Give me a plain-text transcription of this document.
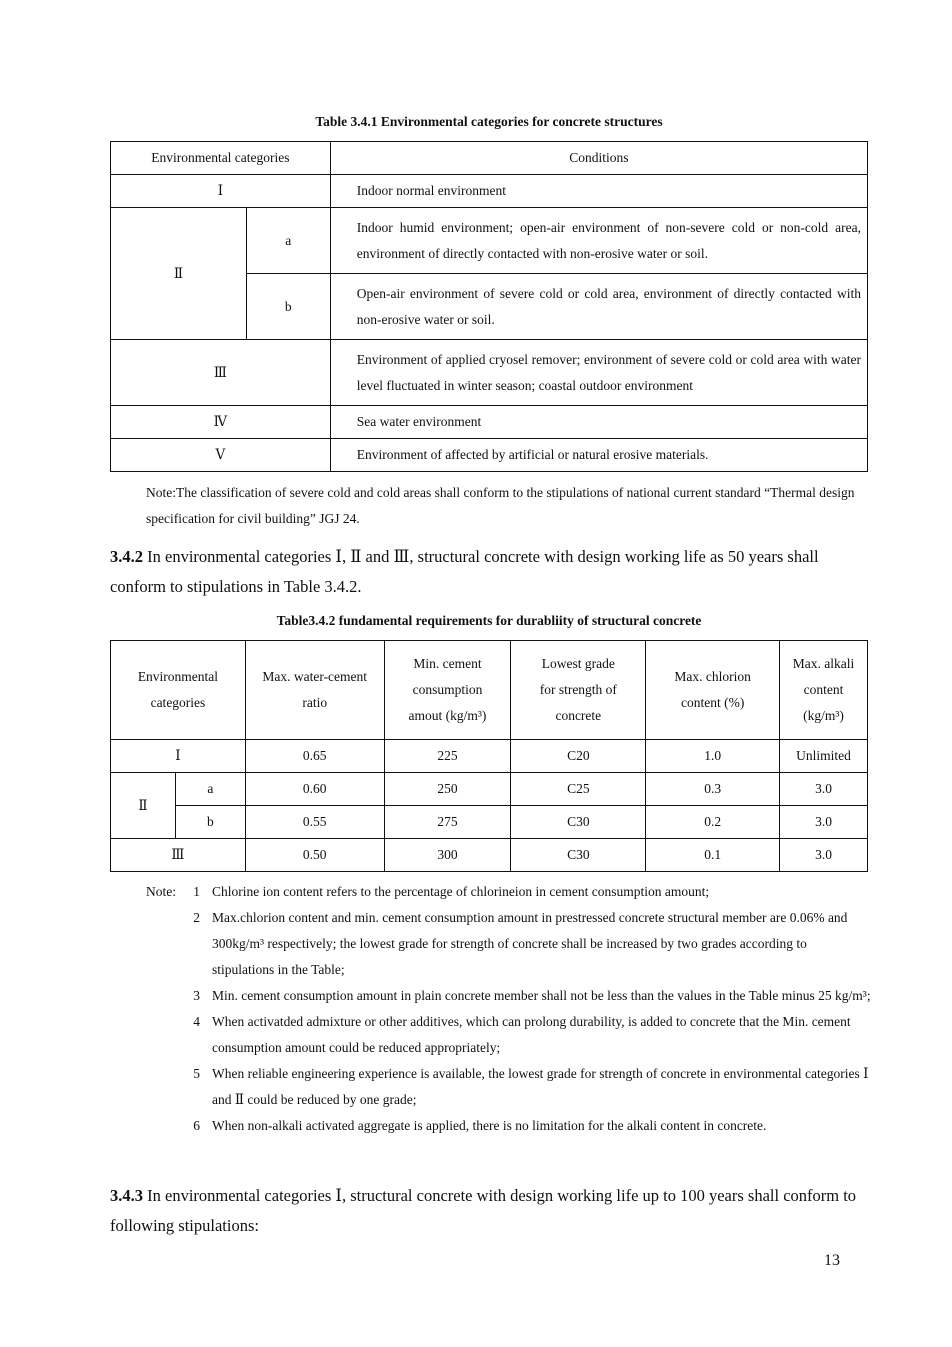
Table 3.4.1 Environmental categories for concrete structures
Environmental categories		Conditions
Ⅰ		Indoor normal environment
Ⅱ	a	Indoor humid environment; open-air environment of non-severe cold or non-cold area, environment of directly contacted with non-erosive water or soil.
	b	Open-air environment of severe cold or cold area, environment of directly contacted with non-erosive water or soil.
Ⅲ		Environment of applied cryosel remover; environment of severe cold or cold area with water level fluctuated in winter season; coastal outdoor environment
Ⅳ		Sea water environment
Ⅴ		Environment of affected by artificial or natural erosive materials.
Note:The classification of severe cold and cold areas shall conform to the stipulations of national current standard “Thermal design specification for civil building” JGJ 24.
3.4.2 In environmental categories Ⅰ, Ⅱ and Ⅲ, structural concrete with design working life as 50 years shall conform to stipulations in Table 3.4.2.
Table3.4.2 fundamental requirements for durabliity of structural concrete
Environmental categories		Max. water-cement ratio	Min. cement consumption amout (kg/m³)	Lowest grade for strength of concrete	Max. chlorion content (%)	Max. alkali content (kg/m³)
Ⅰ		0.65	225	C20	1.0	Unlimited
Ⅱ	a	0.60	250	C25	0.3	3.0
	b	0.55	275	C30	0.2	3.0
Ⅲ		0.50	300	C30	0.1	3.0
Note:	1 Chlorine ion content refers to the percentage of chlorineion in cement consumption amount;
2 Max.chlorion content and min. cement consumption amount in prestressed concrete structural member are 0.06% and 300kg/m³ respectively; the lowest grade for strength of concrete shall be increased by two grades according to stipulations in the Table;
3 Min. cement consumption amount in plain concrete member shall not be less than the values in the Table minus 25 kg/m³;
4 When activatded admixture or other additives, which can prolong durability, is added to concrete that the Min. cement consumption amount could be reduced appropriately;
5 When reliable engineering experience is available, the lowest grade for strength of concrete in environmental categories Ⅰ and Ⅱ could be reduced by one grade;
6 When non-alkali activated aggregate is applied, there is no limitation for the alkali content in concrete.
3.4.3 In environmental categories Ⅰ, structural concrete with design working life up to 100 years shall conform to following stipulations:
13
